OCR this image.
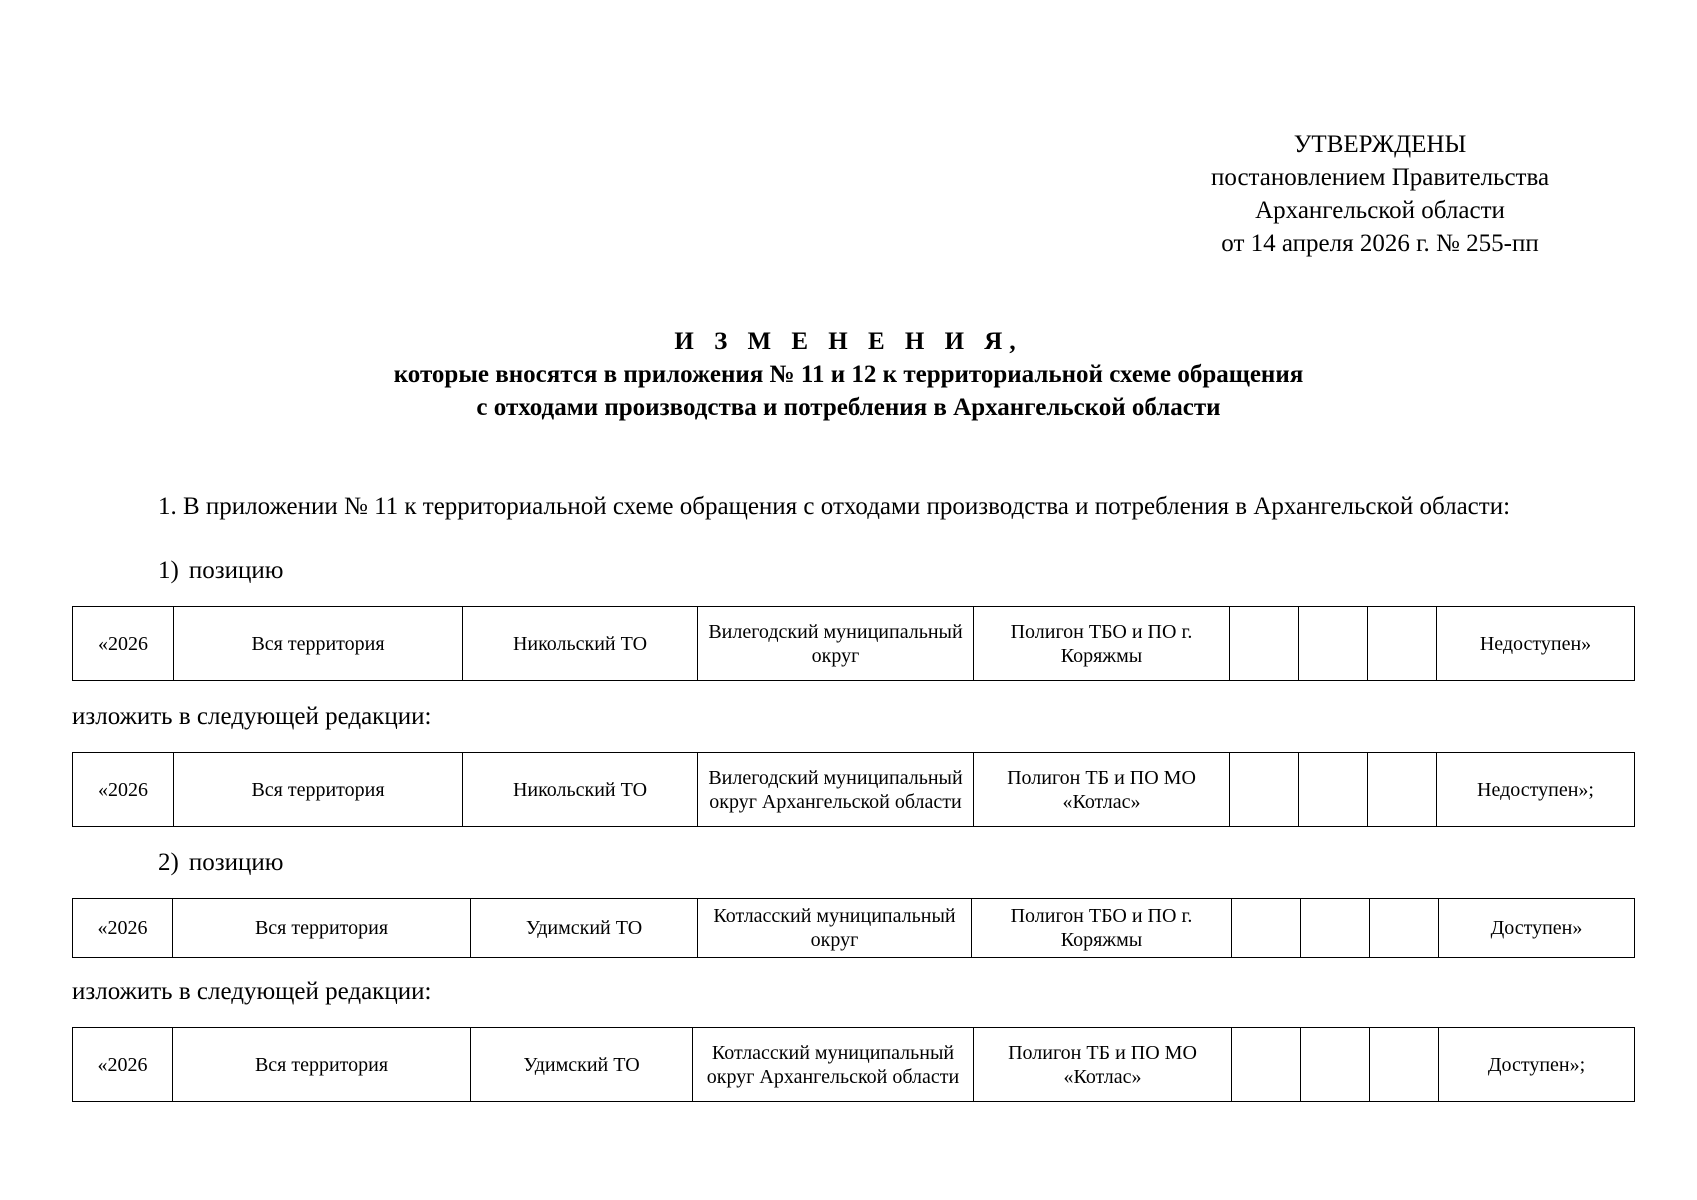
УТВЕРЖДЕНЫ
постановлением Правительства
Архангельской области
от 14 апреля 2026 г. № 255-пп
И З М Е Н Е Н И Я,
которые вносятся в приложения № 11 и 12 к территориальной схеме обращения
с отходами производства и потребления в Архангельской области
1. В приложении № 11 к территориальной схеме обращения с отходами производства и потребления в Архангельской области:
1) позицию
«2026	Вся территория	Никольский ТО	Вилегодский муниципальный округ	Полигон ТБО и ПО г. Коряжмы				Недоступен»
изложить в следующей редакции:
«2026	Вся территория	Никольский ТО	Вилегодский муниципальный округ Архангельской области	Полигон ТБ и ПО МО «Котлас»				Недоступен»;
2) позицию
«2026	Вся территория	Удимский ТО	Котласский муниципальный округ	Полигон ТБО и ПО г. Коряжмы				Доступен»
изложить в следующей редакции:
«2026	Вся территория	Удимский ТО	Котласский муниципальный округ Архангельской области	Полигон ТБ и ПО МО «Котлас»				Доступен»;
